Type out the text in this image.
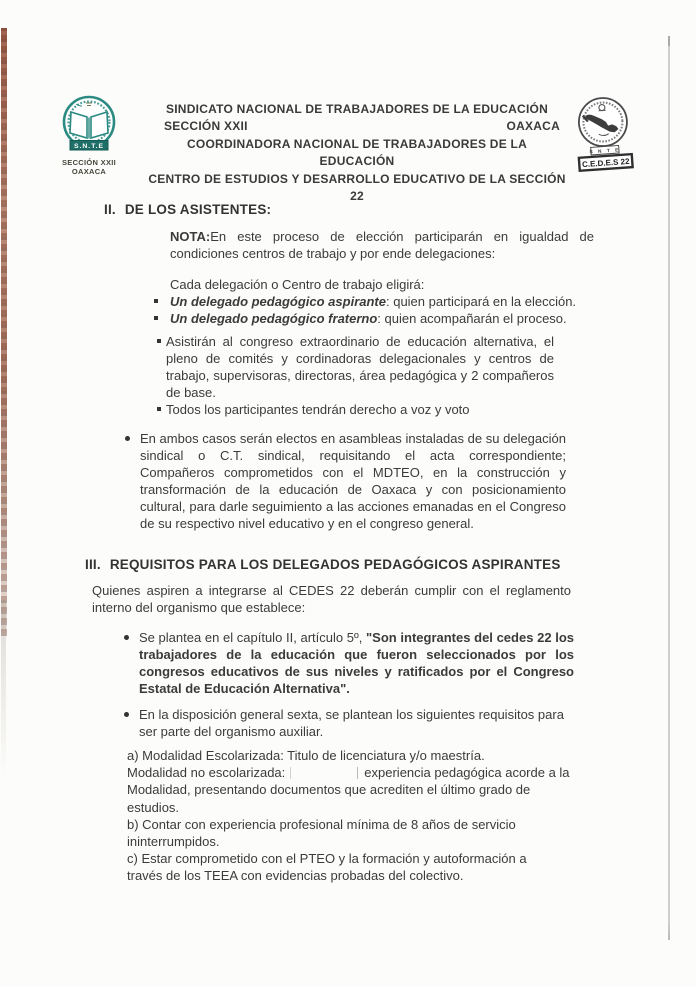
S.N.T.E
SECCIÓN XXII
OAXACA
S N T E
C.E.D.E.S 22
SINDICATO NACIONAL DE TRABAJADORES DE LA EDUCACIÓN
SECCIÓN XXII	OAXACA
COORDINADORA NACIONAL DE TRABAJADORES DE LA EDUCACIÓN
CENTRO DE ESTUDIOS Y DESARROLLO EDUCATIVO DE LA SECCIÓN 22
II. DE LOS ASISTENTES:
NOTA:En este proceso de elección participarán en igualdad de condiciones centros de trabajo y por ende delegaciones:
Cada delegación o Centro de trabajo eligirá:
Un delegado pedagógico aspirante: quien participará en la elección.
Un delegado pedagógico fraterno: quien acompañarán el proceso.
Asistirán al congreso extraordinario de educación alternativa, el pleno de comités y cordinadoras delegacionales y centros de trabajo, supervisoras, directoras, área pedagógica y 2 compañeros de base.
Todos los participantes tendrán derecho a voz y voto
En ambos casos serán electos en asambleas instaladas de su delegación sindical o C.T. sindical, requisitando el acta correspondiente; Compañeros comprometidos con el MDTEO, en la construcción y transformación de la educación de Oaxaca y con posicionamiento cultural, para darle seguimiento a las acciones emanadas en el Congreso de su respectivo nivel educativo y en el congreso general.
III. REQUISITOS PARA LOS DELEGADOS PEDAGÓGICOS ASPIRANTES
Quienes aspiren a integrarse al CEDES 22 deberán cumplir con el reglamento interno del organismo que establece:
Se plantea en el capítulo II, artículo 5º, "Son integrantes del cedes 22 los trabajadores de la educación que fueron seleccionados por los congresos educativos de sus niveles y ratificados por el Congreso Estatal de Educación Alternativa".
En la disposición general sexta, se plantean los siguientes requisitos para ser parte del organismo auxiliar.
a) Modalidad Escolarizada: Titulo de licenciatura y/o maestría.
Modalidad no escolarizada:	experiencia pedagógica acorde a la
Modalidad, presentando documentos que acrediten el último grado de
estudios.
b) Contar con experiencia profesional mínima de 8 años de servicio
ininterrumpidos.
c) Estar comprometido con el PTEO y la formación y autoformación a
través de los TEEA con evidencias probadas del colectivo.
